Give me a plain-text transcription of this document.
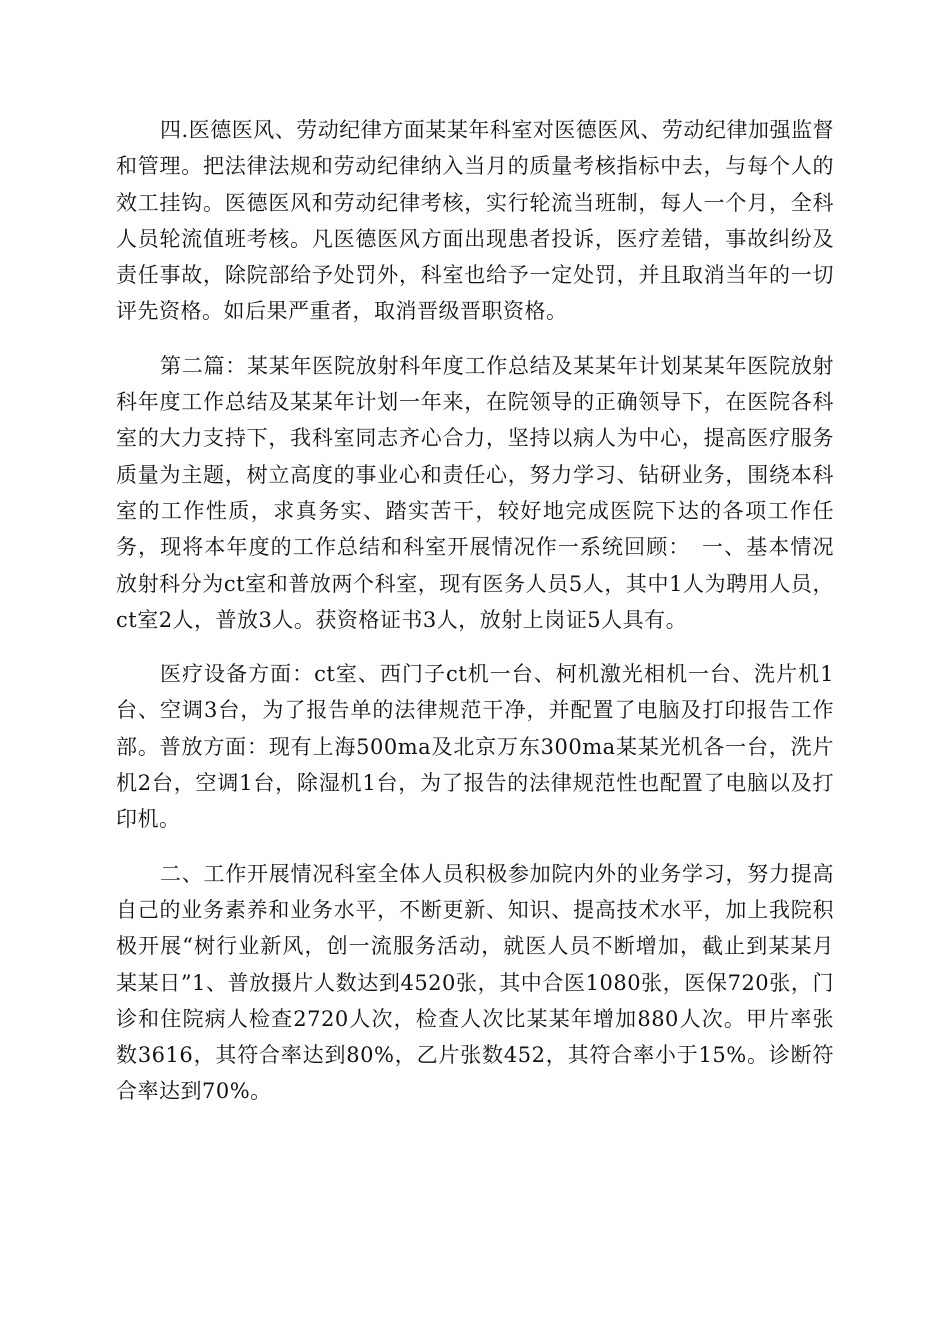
四.医德医风、劳动纪律方面某某年科室对医德医风、劳动纪律加强监督和管理。把法律法规和劳动纪律纳入当月的质量考核指标中去，与每个人的效工挂钩。医德医风和劳动纪律考核，实行轮流当班制，每人一个月，全科人员轮流值班考核。凡医德医风方面出现患者投诉，医疗差错，事故纠纷及责任事故，除院部给予处罚外，科室也给予一定处罚，并且取消当年的一切评先资格。如后果严重者，取消晋级晋职资格。

第二篇：某某年医院放射科年度工作总结及某某年计划某某年医院放射科年度工作总结及某某年计划一年来，在院领导的正确领导下，在医院各科室的大力支持下，我科室同志齐心合力，坚持以病人为中心，提高医疗服务质量为主题，树立高度的事业心和责任心，努力学习、钻研业务，围绕本科室的工作性质，求真务实、踏实苦干，较好地完成医院下达的各项工作任务，现将本年度的工作总结和科室开展情况作一系统回顾：　一、基本情况放射科分为ct室和普放两个科室，现有医务人员5人，其中1人为聘用人员，ct室2人，普放3人。获资格证书3人，放射上岗证5人具有。

医疗设备方面：ct室、西门子ct机一台、柯机激光相机一台、洗片机1台、空调3台，为了报告单的法律规范干净，并配置了电脑及打印报告工作部。普放方面：现有上海500ma及北京万东300ma某某光机各一台，洗片机2台，空调1台，除湿机1台，为了报告的法律规范性也配置了电脑以及打印机。

二、工作开展情况科室全体人员积极参加院内外的业务学习，努力提高自己的业务素养和业务水平，不断更新、知识、提高技术水平，加上我院积极开展“树行业新风，创一流服务活动，就医人员不断增加，截止到某某月某某日”1、普放摄片人数达到4520张，其中合医1080张，医保720张，门诊和住院病人检查2720人次，检查人次比某某年增加880人次。甲片率张数3616，其符合率达到80%，乙片张数452，其符合率小于15%。诊断符合率达到70%。
